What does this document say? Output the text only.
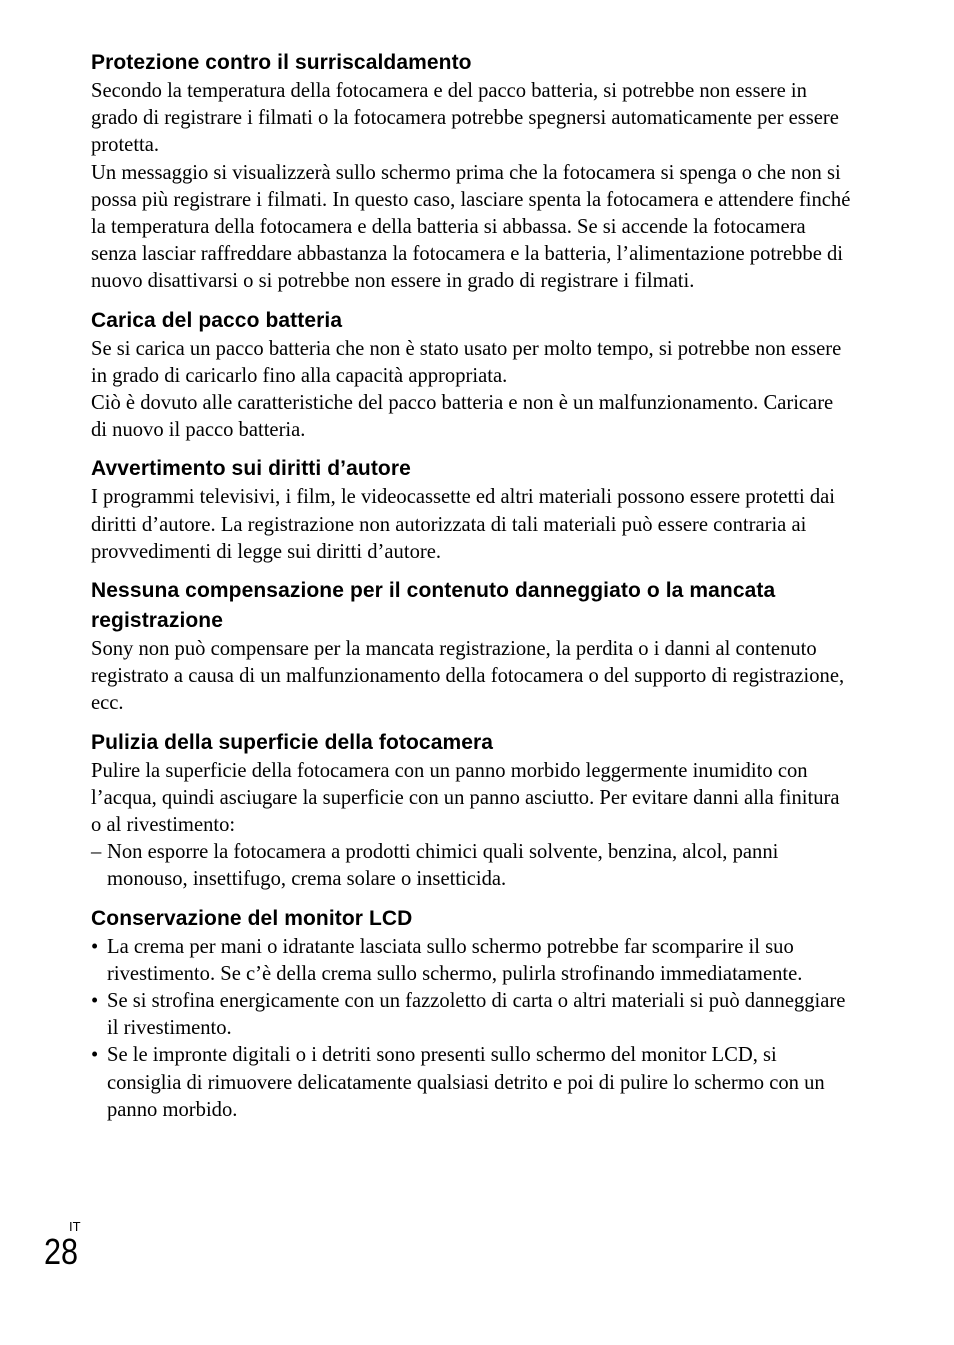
Protezione contro il surriscaldamento

Secondo la temperatura della fotocamera e del pacco batteria, si potrebbe non essere in grado di registrare i filmati o la fotocamera potrebbe spegnersi automaticamente per essere protetta.

Un messaggio si visualizzerà sullo schermo prima che la fotocamera si spenga o che non si possa più registrare i filmati. In questo caso, lasciare spenta la fotocamera e attendere finché la temperatura della fotocamera e della batteria si abbassa. Se si accende la fotocamera senza lasciar raffreddare abbastanza la fotocamera e la batteria, l’alimentazione potrebbe di nuovo disattivarsi o si potrebbe non essere in grado di registrare i filmati.

Carica del pacco batteria

Se si carica un pacco batteria che non è stato usato per molto tempo, si potrebbe non essere in grado di caricarlo fino alla capacità appropriata.

Ciò è dovuto alle caratteristiche del pacco batteria e non è un malfunzionamento. Caricare di nuovo il pacco batteria.

Avvertimento sui diritti d’autore

I programmi televisivi, i film, le videocassette ed altri materiali possono essere protetti dai diritti d’autore. La registrazione non autorizzata di tali materiali può essere contraria ai provvedimenti di legge sui diritti d’autore.

Nessuna compensazione per il contenuto danneggiato o la mancata registrazione

Sony non può compensare per la mancata registrazione, la perdita o i danni al contenuto registrato a causa di un malfunzionamento della fotocamera o del supporto di registrazione, ecc.

Pulizia della superficie della fotocamera

Pulire la superficie della fotocamera con un panno morbido leggermente inumidito con l’acqua, quindi asciugare la superficie con un panno asciutto. Per evitare danni alla finitura o al rivestimento:

– Non esporre la fotocamera a prodotti chimici quali solvente, benzina, alcol, panni monouso, insettifugo, crema solare o insetticida.
Conservazione del monitor LCD
• La crema per mani o idratante lasciata sullo schermo potrebbe far scomparire il suo rivestimento. Se c’è della crema sullo schermo, pulirla strofinando immediatamente.
• Se si strofina energicamente con un fazzoletto di carta o altri materiali si può danneggiare il rivestimento.
• Se le impronte digitali o i detriti sono presenti sullo schermo del monitor LCD, si consiglia di rimuovere delicatamente qualsiasi detrito e poi di pulire lo schermo con un panno morbido.
IT
28
